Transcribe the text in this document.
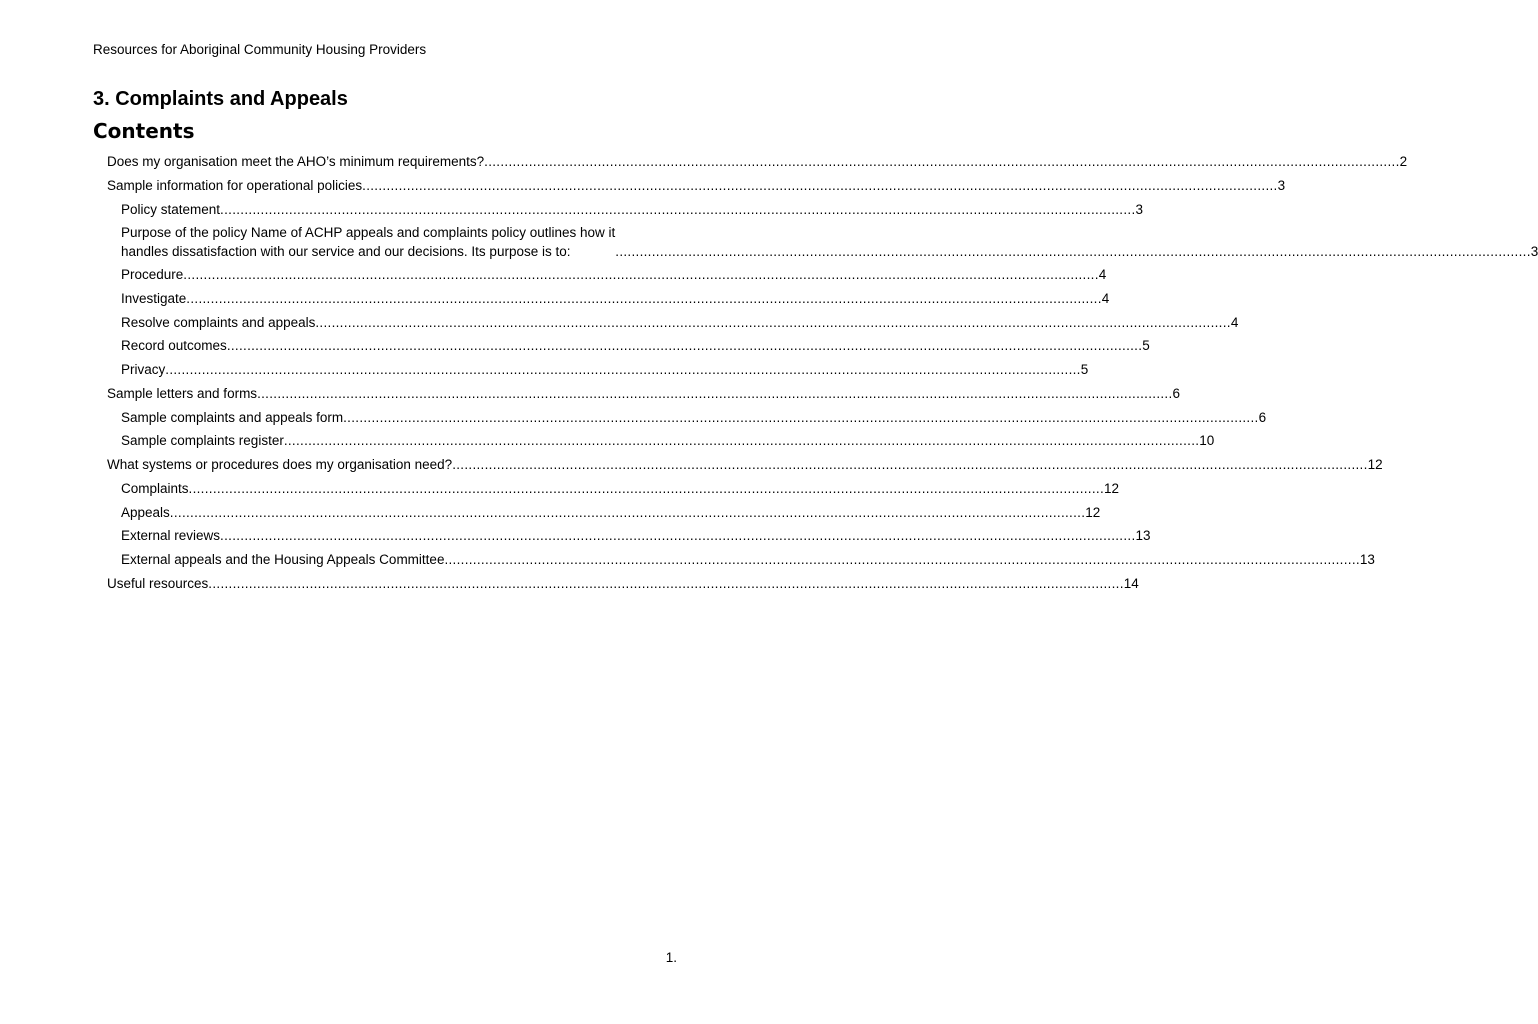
Resources for Aboriginal Community Housing Providers
3. Complaints and Appeals
Contents
Does my organisation meet the AHO’s minimum requirements? .................................................................................................................................................................................................................................. 2
Sample information for operational policies .................................................................................................................................................................................................................................. 3
Policy statement .................................................................................................................................................................................................................................. 3
Purpose of the policy Name of ACHP appeals and complaints policy outlines how it
handles dissatisfaction with our service and our decisions. Its purpose is to:	.................................................................................................................................................................................................................................. 3
Procedure .................................................................................................................................................................................................................................. 4
Investigate .................................................................................................................................................................................................................................. 4
Resolve complaints and appeals .................................................................................................................................................................................................................................. 4
Record outcomes .................................................................................................................................................................................................................................. 5
Privacy .................................................................................................................................................................................................................................. 5
Sample letters and forms .................................................................................................................................................................................................................................. 6
Sample complaints and appeals form .................................................................................................................................................................................................................................. 6
Sample complaints register .................................................................................................................................................................................................................................. 10
What systems or procedures does my organisation need? .................................................................................................................................................................................................................................. 12
Complaints .................................................................................................................................................................................................................................. 12
Appeals .................................................................................................................................................................................................................................. 12
External reviews .................................................................................................................................................................................................................................. 13
External appeals and the Housing Appeals Committee .................................................................................................................................................................................................................................. 13
Useful resources .................................................................................................................................................................................................................................. 14
1.
